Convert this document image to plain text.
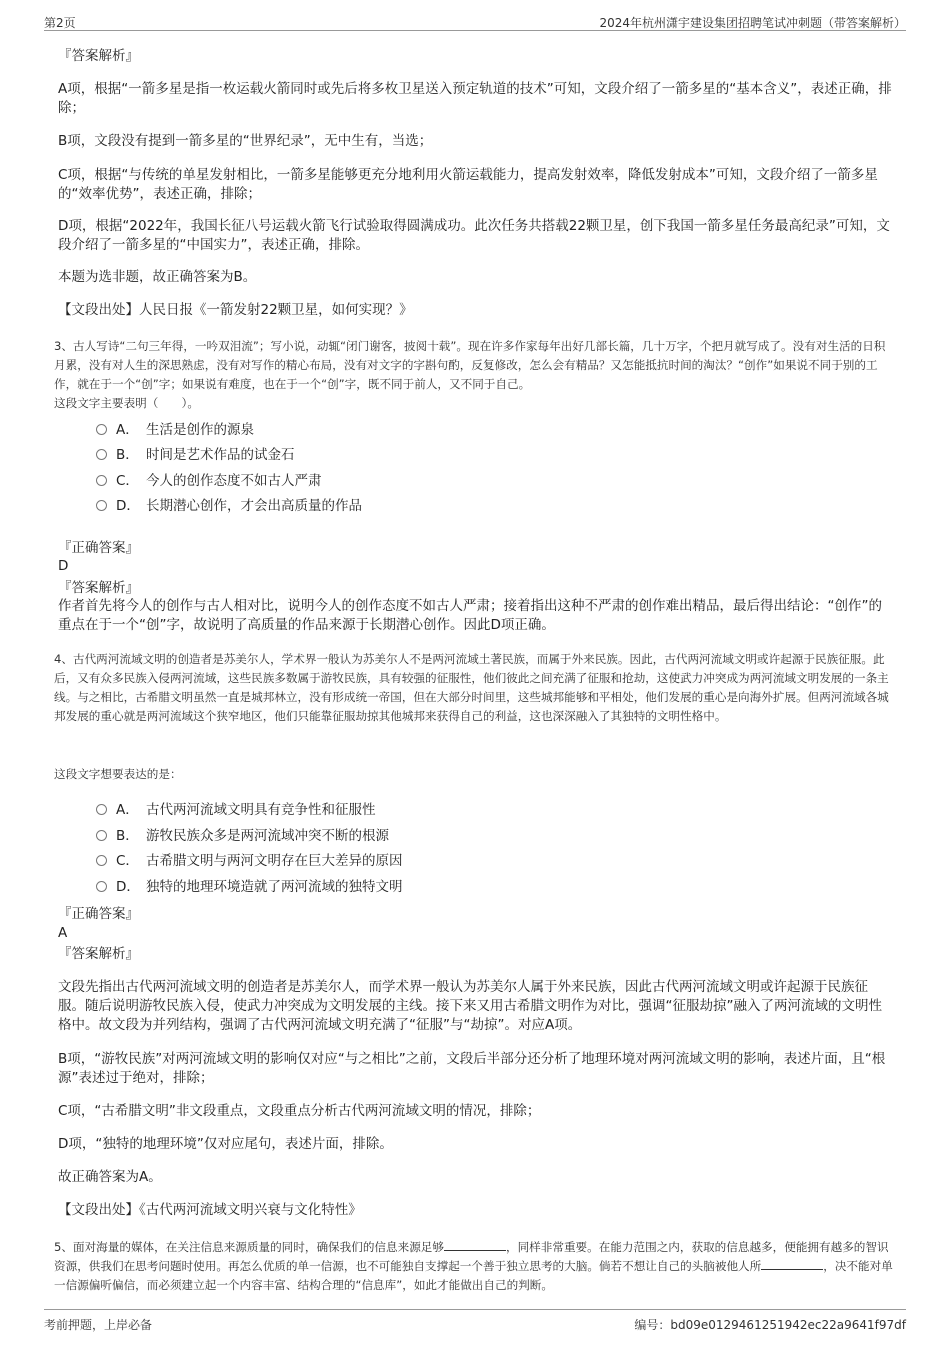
第2页	2024年杭州潇宇建设集团招聘笔试冲刺题（带答案解析）

『答案解析』

A项，根据“一箭多星是指一枚运载火箭同时或先后将多枚卫星送入预定轨道的技术”可知，文段介绍了一箭多星的“基本含义”，表述正确，排除；

B项，文段没有提到一箭多星的“世界纪录”，无中生有，当选；

C项，根据“与传统的单星发射相比，一箭多星能够更充分地利用火箭运载能力，提高发射效率，降低发射成本”可知，文段介绍了一箭多星的“效率优势”，表述正确，排除；

D项，根据“2022年，我国长征八号运载火箭飞行试验取得圆满成功。此次任务共搭载22颗卫星，创下我国一箭多星任务最高纪录”可知，文段介绍了一箭多星的“中国实力”，表述正确，排除。

本题为选非题，故正确答案为B。

【文段出处】人民日报《一箭发射22颗卫星，如何实现？》

3、古人写诗“二句三年得，一吟双泪流”；写小说，动辄“闭门谢客，披阅十载”。现在许多作家每年出好几部长篇，几十万字，个把月就写成了。没有对生活的日积月累，没有对人生的深思熟虑，没有对写作的精心布局，没有对文字的字斟句酌，反复修改，怎么会有精品？又怎能抵抗时间的淘汰？“创作”如果说不同于别的工作，就在于一个“创”字；如果说有难度，也在于一个“创”字，既不同于前人，又不同于自己。

这段文字主要表明（　　）。

A． 生活是创作的源泉
B． 时间是艺术作品的试金石
C． 今人的创作态度不如古人严肃
D． 长期潜心创作，才会出高质量的作品

『正确答案』

D

『答案解析』

作者首先将今人的创作与古人相对比，说明今人的创作态度不如古人严肃；接着指出这种不严肃的创作难出精品，最后得出结论：“创作”的重点在于一个“创”字，故说明了高质量的作品来源于长期潜心创作。因此D项正确。

4、古代两河流域文明的创造者是苏美尔人，学术界一般认为苏美尔人不是两河流域土著民族，而属于外来民族。因此，古代两河流域文明或许起源于民族征服。此后，又有众多民族入侵两河流域，这些民族多数属于游牧民族，具有较强的征服性，他们彼此之间充满了征服和抢劫，这使武力冲突成为两河流域文明发展的一条主线。与之相比，古希腊文明虽然一直是城邦林立，没有形成统一帝国，但在大部分时间里，这些城邦能够和平相处，他们发展的重心是向海外扩展。但两河流域各城邦发展的重心就是两河流域这个狭窄地区，他们只能靠征服劫掠其他城邦来获得自己的利益，这也深深融入了其独特的文明性格中。

这段文字想要表达的是：

A． 古代两河流域文明具有竞争性和征服性
B． 游牧民族众多是两河流域冲突不断的根源
C． 古希腊文明与两河文明存在巨大差异的原因
D． 独特的地理环境造就了两河流域的独特文明

『正确答案』

A

『答案解析』

文段先指出古代两河流域文明的创造者是苏美尔人，而学术界一般认为苏美尔人属于外来民族，因此古代两河流域文明或许起源于民族征服。随后说明游牧民族入侵，使武力冲突成为文明发展的主线。接下来又用古希腊文明作为对比，强调“征服劫掠”融入了两河流域的文明性格中。故文段为并列结构，强调了古代两河流域文明充满了“征服”与“劫掠”。对应A项。

B项，“游牧民族”对两河流域文明的影响仅对应“与之相比”之前，文段后半部分还分析了地理环境对两河流域文明的影响，表述片面，且“根源”表述过于绝对，排除；

C项，“古希腊文明”非文段重点，文段重点分析古代两河流域文明的情况，排除；

D项，“独特的地理环境”仅对应尾句，表述片面，排除。

故正确答案为A。

【文段出处】《古代两河流域文明兴衰与文化特性》

5、面对海量的媒体，在关注信息来源质量的同时，确保我们的信息来源足够	，同样非常重要。在能力范围之内，获取的信息越多，便能拥有越多的智识资源，供我们在思考问题时使用。再怎么优质的单一信源，也不可能独自支撑起一个善于独立思考的大脑。倘若不想让自己的头脑被他人所	，决不能对单一信源偏听偏信，而必须建立起一个内容丰富、结构合理的“信息库”，如此才能做出自己的判断。

考前押题，上岸必备	编号：bd09e0129461251942ec22a9641f97df
